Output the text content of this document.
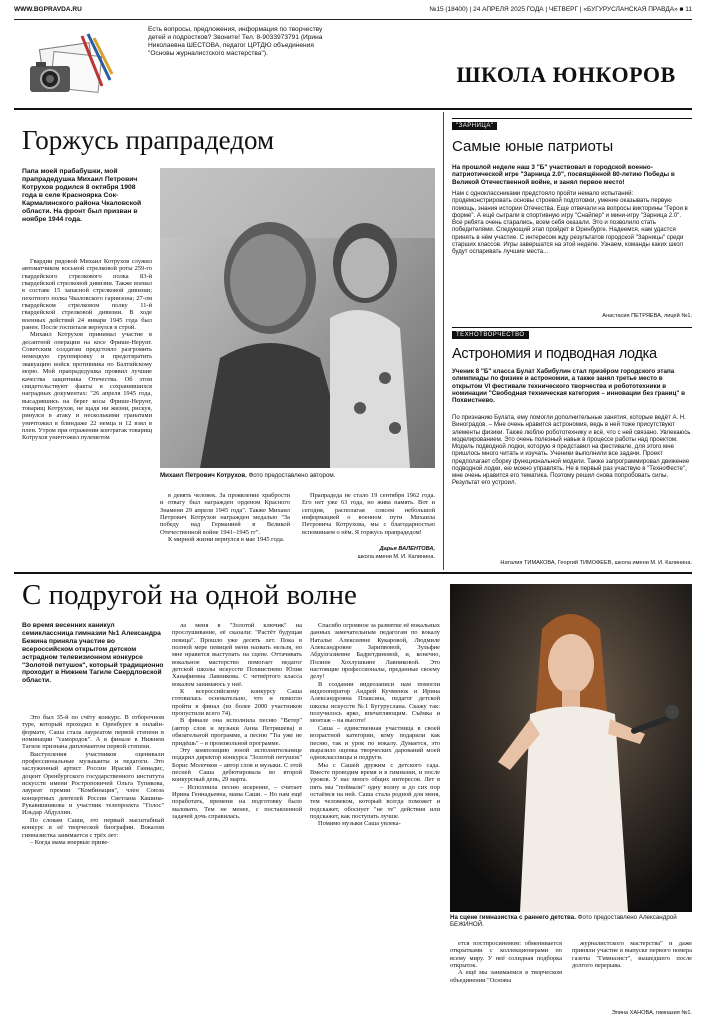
WWW.BGPRAVDA.RU	№15 (18400) | 24 АПРЕЛЯ 2025 ГОДА | ЧЕТВЕРГ | «БУГУРУСЛАНСКАЯ ПРАВДА» ■ 11
Есть вопросы, предложения, информация по творчеству детей и подростков? Звоните! Тел. 8-9033973791 (Ирина Николаевна ШЕСТОВА, педагог ЦРТДЮ объединения "Основы журналистского мастерства").
ШКОЛА ЮНКОРОВ
Горжусь прапрадедом
Папа моей прабабушки, мой прапрадедушка Михаил Петрович Котрухов родился 8 октября 1908 года в селе Красноярка Сок-Кармалинского района Чкаловской области. На фронт был призван в ноябре 1944 года.

Гвардии рядовой Михаил Котрухов служил автоматчиком восьмой стрелковой роты 259-го гвардейского стрелкового полка 83-й гвардейской стрелковой дивизии. Также воевал в составе 15 запасной стрелковой дивизии; пехотного полка Чкаловского гарнизона; 27-ом гвардейском стрелковом полку 11-й гвардейской стрелковой дивизии. В ходе военных действий 24 января 1945 года был ранен. После госпиталя вернулся в строй.

Михаил Котрухов принимал участие в десантной операции на косе Фрише-Нерунг. Советским солдатам предстояло разгромить немецкую группировку и предотвратить эвакуацию войск противника по Балтийскому морю. Мой прапрадедушка проявил лучшие качества защитника Отечества. Об этом свидетельствуют факты в сохранившихся наградных документах: "26 апреля 1945 года, высадившись на берег косы Фрише-Нерунг, товарищ Котрухов, не щадя ни жизни, рискуя, ринулся в атаку и несколькими гранатами уничтожил в блиндаже 22 немца и 12 взял в плен. Утром при отражении контратак товарищ Котрухов уничтожил пулеметом

Михаил Петрович Котрухов. Фото предоставлено автором.

в девять человек. За проявление храбрости и отвагу был награжден орденом Красного Знамени 29 апреля 1945 года". Также Михаил Петрович Котрухов награжден медалью "За победу над Германией в Великой Отечественной войне 1941–1945 гг".

К мирной жизни вернулся в мае 1945 года.

Прапрадеда не стало 19 сентября 1962 года. Его нет уже 63 года, но жива память. Вот и сегодня, располагая совсем небольшой информацией о военном пути Михаила Петровича Котрухова, мы с благодарностью вспоминаем о нём. Я горжусь прапрадедом!

Дарья ВАЛЕНТОВА,
школа имени М. И. Калинина.
"ЗАРНИЦА"
Самые юные патриоты
На прошлой неделе наш 3 "Б" участвовал в городской военно-патриотической игре "Зарница 2.0", посвящённой 80-летию Победы в Великой Отечественной войне, и занял первое место!
Нам с одноклассниками предстояло пройти немало испытаний: продемонстрировать основы строевой подготовки, умение оказывать первую помощь, знания истории Отечества. Еще отвечали на вопросы викторины "Герои в форме". А ещё сыграли в спортивную игру "Снайпер" и мини-игру "Зарница 2.0". Все ребята очень старались, всем себя оказали. Это и позволило стать победителями. Следующий этап пройдет в Оренбурге. Надеемся, нам удастся принять в нём участие. С интересом жду результатов городской "Зарницы" среди старших классов. Игры завершатся на этой неделе. Узнаем, команды каких школ будут оспаривать лучшие места...
Анастасия ПЕТРЯЕВА, лицей №1.
ТЕХНОТВОРЧЕСТВО
Астрономия и подводная лодка
Ученик 8 "Б" класса Булат Хабибулин стал призёром городского этапа олимпиады по физике и астрономии, а также занял третье место в открытом VI фестивале технического творчества и робототехники в номинации "Свободная техническая категория – инновации без границ" в Похвистнево.
По признанию Булата, ему помогли дополнительные занятия, которые ведёт А. Н. Виноградов. – Мне очень нравится астрономия, ведь в ней тоже присутствуют элементы физики. Также люблю робототехнику и всё, что с ней связано. Увлекаюсь моделированием. Это очень полезный навык в процессе работы над проектом. Модель подводной лодки, которую я представил на фестивале, для этого мне пришлось много читать и изучать. Ученики выполнили все задачи. Проект предполагает сборку функциональной модели. Также запрограммировал движение подводной лодки, ею можно управлять. Не в первый раз участвую в "ТехноФесте", мне очень нравится его тематика. Поэтому решил снова попробовать силы. Результат его устроил.
Наталия ТИМАКОВА, Георгий ТИМОФЕЕВ, школа имени М. И. Калинина.
С подругой на одной волне
Во время весенних каникул семиклассница гимназии №1 Александра Бежина приняла участие во всероссийском открытом детском эстрадном телевизионном конкурсе "Золотой петушок", который традиционно проходит в Нижнем Тагиле Свердловской области.

Это был 35-й по счёту конкурс. В отборочном туре, который проходил в Оренбурге в онлайн-формате, Саша стала лауреатом первой степени в номинации "самородок". А в финале в Нижнем Тагиле признана дипломантом первой степени.

Выступления участников оценивали профессиональные музыканты и педагоги. Это заслуженный артист России Ирасий Ганиадис, доцент Оренбургского государственного института искусств имени Ростроповичей Ольга Тупикова, лауреат премии "Комбинация", член Союза концертных деятелей России Светлана Кашина-Рукавишникова и участник телепроекта "Голос" Ильдар Абдуллин.

По словам Саши, это первый масштабный конкурс в её творческой биографии. Вокалом гимназистка занимается с трёх лет:

– Когда мама впервые приве-

ла меня в "Золотой ключик" на прослушивание, её сказали: "Растёт будущая певица". Прошло уже десять лет. Пока в полной мере певицей меня назвать нельзя, но мне нравится выступать на сцене. Оттачивать вокальное мастерство помогает педагог детской школы искусств Похвистнево Юлия Ханафиевна Лавникова. С четвёртого класса вокалом занимаюсь у неё.

К всероссийскому конкурсу Саша готовилась основательно, что и помогло пройти в финал (из более 2000 участников пропустили всего 74).

В финале она исполнила песню "Ветер" (автор слов и музыки Анна Петряшева) в обязательной программе, а песню "Ты уже не придёшь" – в произвольной программе.

Эту композицию юной исполнительнице подарил директор конкурса "Золотой петушок" Борис Молочков – автор слов и музыки. С этой песней Саша дебютировала во второй конкурсный день, 29 марта.

– Исполнила песню искренне, – считает Ирина Геннадьевна, мама Саши. – Но нам ещё поработать, времени на подготовку было маловато. Тем не менее, с поставленной задачей дочь справилась.

Спасибо огромное за развитие её вокальных данных замечательным педагогам по вокалу Наталье Алексеевне Кукаровой, Людмиле Александровне Зарипвовой, Зульфие Абдулгазиевне Бадретдиновой, и, конечно, Полине Хохлушкине Лавниковой. Это настоящие профессионалы, преданные своему делу!

В создании видеозаписи нам помогли видеооператор Андрей Кучменок и Ирина Александровна Плаксина, педагог детской школы искусств №1 Бугуруслана. Скажу так: получилось ярко, впечатляющим. Съёмка и монтаж – на высоте!

Саша – единственная участница в своей возрастной категории, кому подарили как песню, так и урок по вокалу. Думается, это выразило оценка творческих дарований моей одноклассницы и подруги.

Мы с Сашей дружим с детского сада. Вместе проводим время и в гимназии, и после уроков. У нас много общих интересов. Лет в пять мы "поймали" одну волну и до сих пор остаёмся на ней. Саша стала родной для меня, тем человеком, который всегда поможет и подскажет, обоснует "не те" действия или подскажет, как поступать лучше.

Помимо музыки Саша увлека-

На сцене гимназистка с раннего детства. Фото предоставлено Александрой БЕЖИНОЙ.

ется постпросинемом: обменивается открытками с коллекционерами по всему миру. У неё солидная подборка открыток.

А ещё мы занимаемся в творческом объединении "Основы

журналистского мастерства" и даже приняли участие в выпуске первого номера газеты "Гимназист", вышедшего после долгого перерыва.

Элина ХАНОВА, гимназия №1.
